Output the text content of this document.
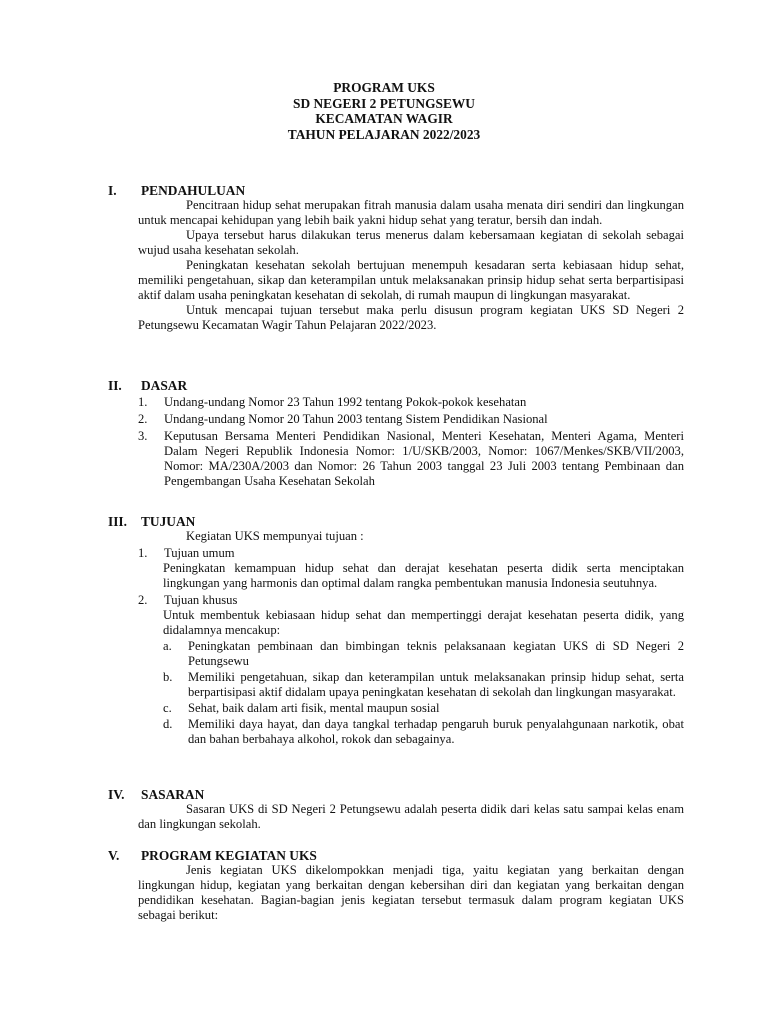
PROGRAM UKS
SD NEGERI 2 PETUNGSEWU
KECAMATAN WAGIR
TAHUN PELAJARAN 2022/2023
I. PENDAHULUAN

Pencitraan hidup sehat merupakan fitrah manusia dalam usaha menata diri sendiri dan lingkungan untuk mencapai kehidupan yang lebih baik yakni hidup sehat yang teratur, bersih dan indah.

Upaya tersebut harus dilakukan terus menerus dalam kebersamaan kegiatan di sekolah sebagai wujud usaha kesehatan sekolah.

Peningkatan kesehatan sekolah bertujuan menempuh kesadaran serta kebiasaan hidup sehat, memiliki pengetahuan, sikap dan keterampilan untuk melaksanakan prinsip hidup sehat serta berpartisipasi aktif dalam usaha peningkatan kesehatan di sekolah, di rumah maupun di lingkungan masyarakat.

Untuk mencapai tujuan tersebut maka perlu disusun program kegiatan UKS SD Negeri 2 Petungsewu Kecamatan Wagir Tahun Pelajaran 2022/2023.

II. DASAR
1. Undang-undang Nomor 23 Tahun 1992 tentang Pokok-pokok kesehatan
2. Undang-undang Nomor 20 Tahun 2003 tentang Sistem Pendidikan Nasional
3. Keputusan Bersama Menteri Pendidikan Nasional, Menteri Kesehatan, Menteri Agama, Menteri Dalam Negeri Republik Indonesia Nomor: 1/U/SKB/2003, Nomor: 1067/Menkes/SKB/VII/2003, Nomor: MA/230A/2003 dan Nomor: 26 Tahun 2003 tanggal 23 Juli 2003 tentang Pembinaan dan Pengembangan Usaha Kesehatan Sekolah
III. TUJUAN

Kegiatan UKS mempunyai tujuan :

1. Tujuan umum

Peningkatan kemampuan hidup sehat dan derajat kesehatan peserta didik serta menciptakan lingkungan yang harmonis dan optimal dalam rangka pembentukan manusia Indonesia seutuhnya.

2. Tujuan khusus

Untuk membentuk kebiasaan hidup sehat dan mempertinggi derajat kesehatan peserta didik, yang didalamnya mencakup:

a. Peningkatan pembinaan dan bimbingan teknis pelaksanaan kegiatan UKS di SD Negeri 2 Petungsewu
b. Memiliki pengetahuan, sikap dan keterampilan untuk melaksanakan prinsip hidup sehat, serta berpartisipasi aktif didalam upaya peningkatan kesehatan di sekolah dan lingkungan masyarakat.
c. Sehat, baik dalam arti fisik, mental maupun sosial
d. Memiliki daya hayat, dan daya tangkal terhadap pengaruh buruk penyalahgunaan narkotik, obat dan bahan berbahaya alkohol, rokok dan sebagainya.
IV. SASARAN

Sasaran UKS di SD Negeri 2 Petungsewu adalah peserta didik dari kelas satu sampai kelas enam dan lingkungan sekolah.

V. PROGRAM KEGIATAN UKS

Jenis kegiatan UKS dikelompokkan menjadi tiga, yaitu kegiatan yang berkaitan dengan lingkungan hidup, kegiatan yang berkaitan dengan kebersihan diri dan kegiatan yang berkaitan dengan pendidikan kesehatan. Bagian-bagian jenis kegiatan tersebut termasuk dalam program kegiatan UKS sebagai berikut:
